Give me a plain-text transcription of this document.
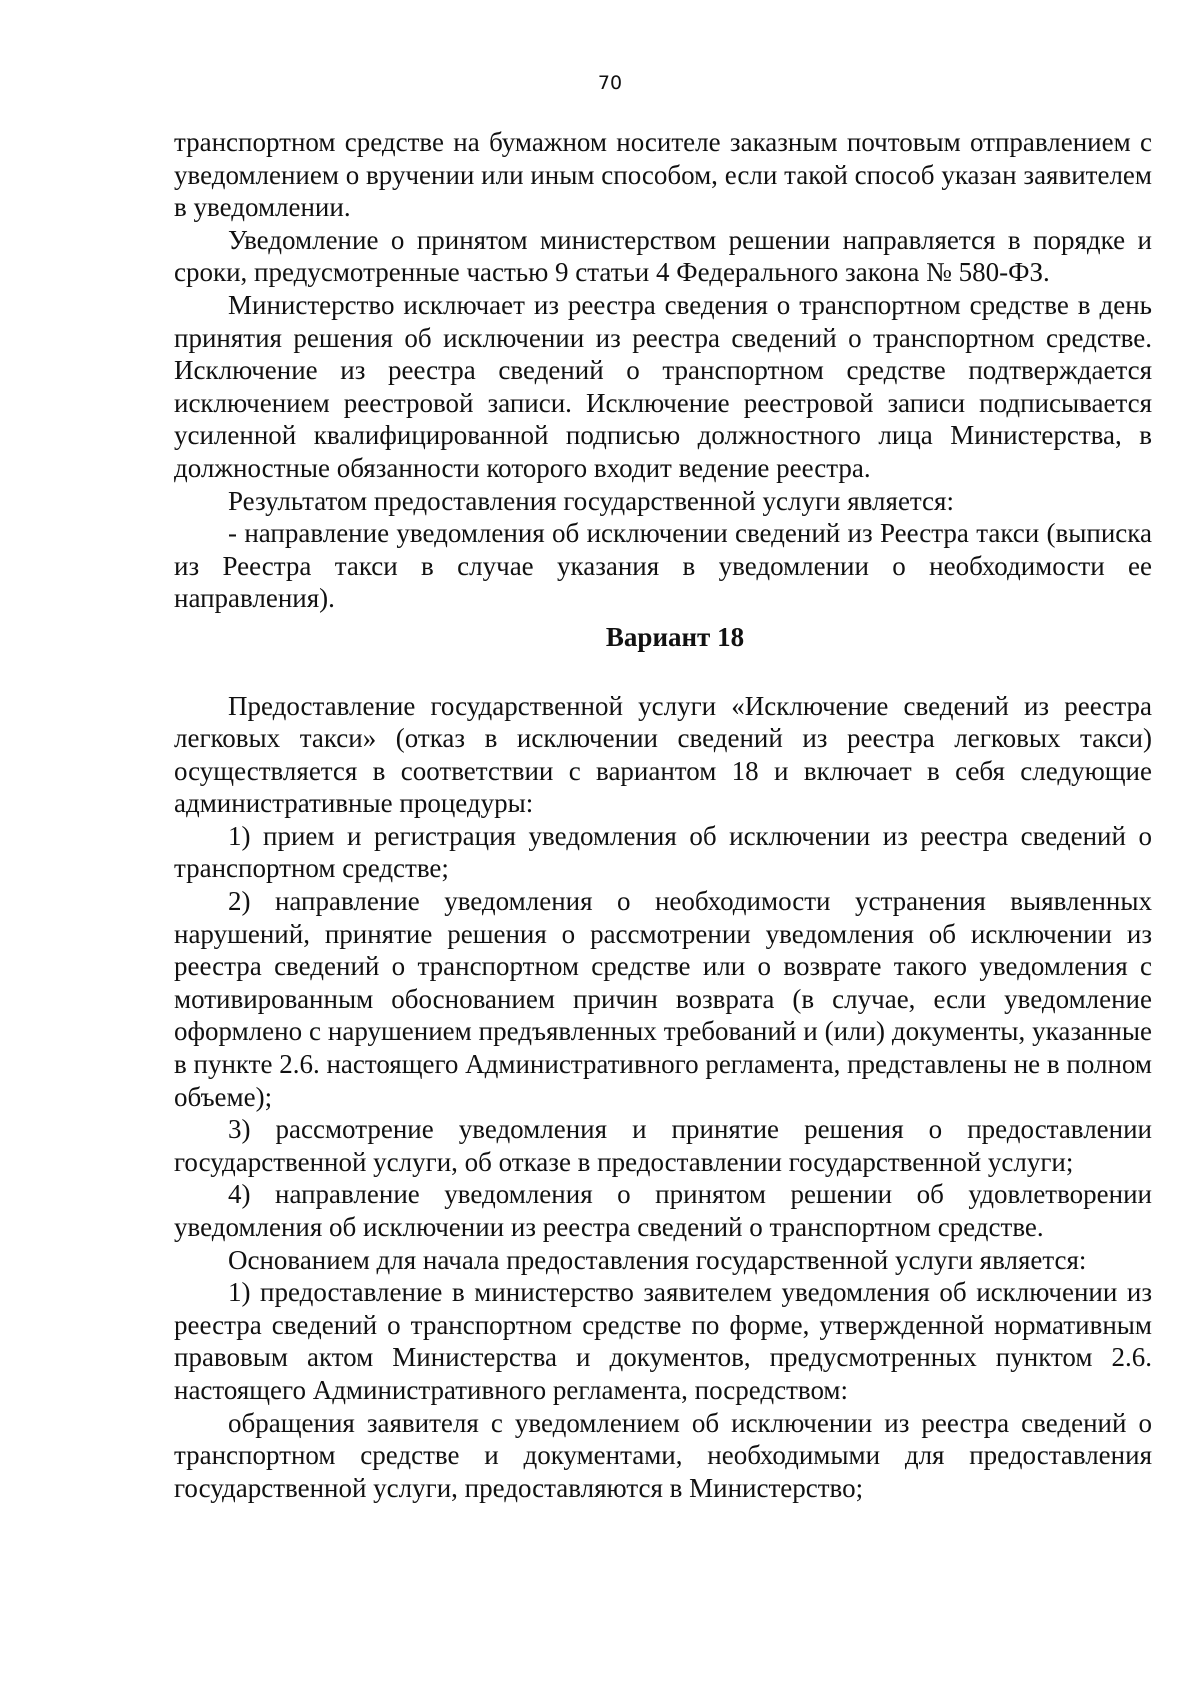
70

транспортном средстве на бумажном носителе заказным почтовым отправлением с уведомлением о вручении или иным способом, если такой способ указан заявителем в уведомлении.

Уведомление о принятом министерством решении направляется в порядке и сроки, предусмотренные частью 9 статьи 4 Федерального закона № 580-ФЗ.

Министерство исключает из реестра сведения о транспортном средстве в день принятия решения об исключении из реестра сведений о транспортном средстве. Исключение из реестра сведений о транспортном средстве подтверждается исключением реестровой записи. Исключение реестровой записи подписывается усиленной квалифицированной подписью должностного лица Министерства, в должностные обязанности которого входит ведение реестра.

Результатом предоставления государственной услуги является:

- направление уведомления об исключении сведений из Реестра такси (выписка из Реестра такси в случае указания в уведомлении о необходимости ее направления).

Вариант 18

Предоставление государственной услуги «Исключение сведений из реестра легковых такси» (отказ в исключении сведений из реестра легковых такси) осуществляется в соответствии с вариантом 18 и включает в себя следующие административные процедуры:

1) прием и регистрация уведомления об исключении из реестра сведений о транспортном средстве;

2) направление уведомления о необходимости устранения выявленных нарушений, принятие решения о рассмотрении уведомления об исключении из реестра сведений о транспортном средстве или о возврате такого уведомления с мотивированным обоснованием причин возврата (в случае, если уведомление оформлено с нарушением предъявленных требований и (или) документы, указанные в пункте 2.6. настоящего Административного регламента, представлены не в полном объеме);

3) рассмотрение уведомления и принятие решения о предоставлении государственной услуги, об отказе в предоставлении государственной услуги;

4) направление уведомления о принятом решении об удовлетворении уведомления об исключении из реестра сведений о транспортном средстве.

Основанием для начала предоставления государственной услуги является:

1) предоставление в министерство заявителем уведомления об исключении из реестра сведений о транспортном средстве по форме, утвержденной нормативным правовым актом Министерства и документов, предусмотренных пунктом 2.6. настоящего Административного регламента, посредством:

обращения заявителя с уведомлением об исключении из реестра сведений о транспортном средстве и документами, необходимыми для предоставления государственной услуги, предоставляются в Министерство;
